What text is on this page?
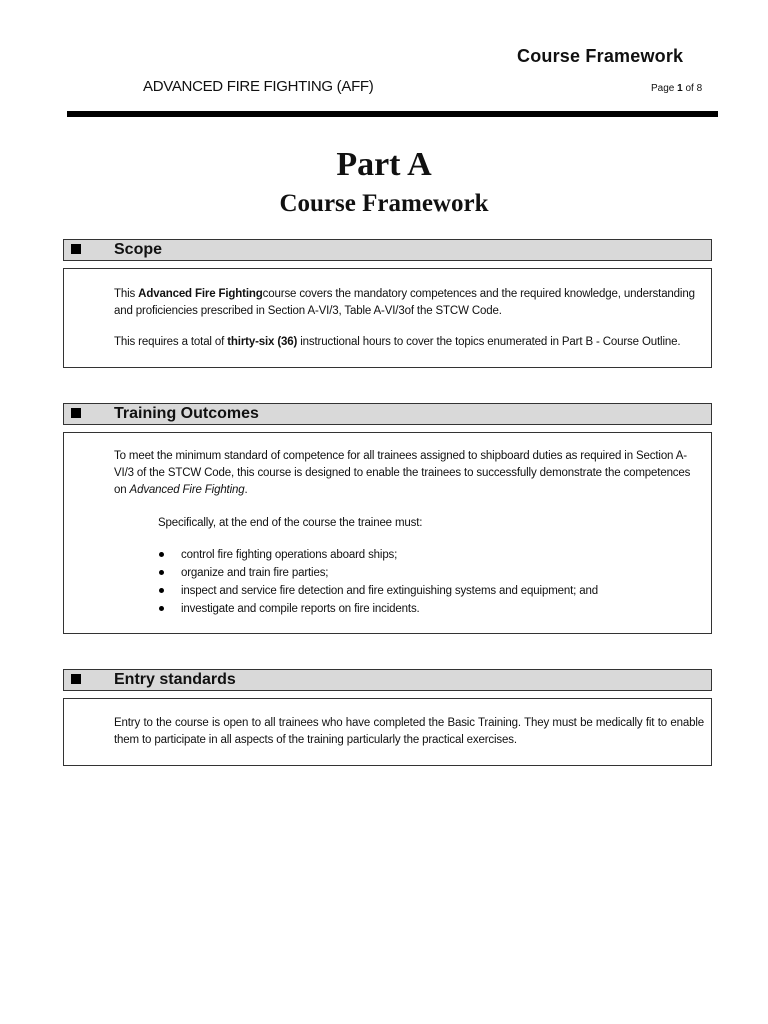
Course Framework
ADVANCED FIRE FIGHTING (AFF)	Page 1 of 8
Part A
Course Framework
Scope
This Advanced Fire Fightingcourse covers the mandatory competences and the required knowledge, understanding and proficiencies prescribed in Section A-VI/3, Table A-VI/3of the STCW Code.
This requires a total of thirty-six (36) instructional hours to cover the topics enumerated in Part B - Course Outline.
Training Outcomes
To meet the minimum standard of competence for all trainees assigned to shipboard duties as required in Section A-VI/3 of the STCW Code, this course is designed to enable the trainees to successfully demonstrate the competences on Advanced Fire Fighting.
Specifically, at the end of the course the trainee must:
control fire fighting operations aboard ships;
organize and train fire parties;
inspect and service fire detection and fire extinguishing systems and equipment; and
investigate and compile reports on fire incidents.
Entry standards
Entry to the course is open to all trainees who have completed the Basic Training. They must be medically fit to enable them to participate in all aspects of the training particularly the practical exercises.
